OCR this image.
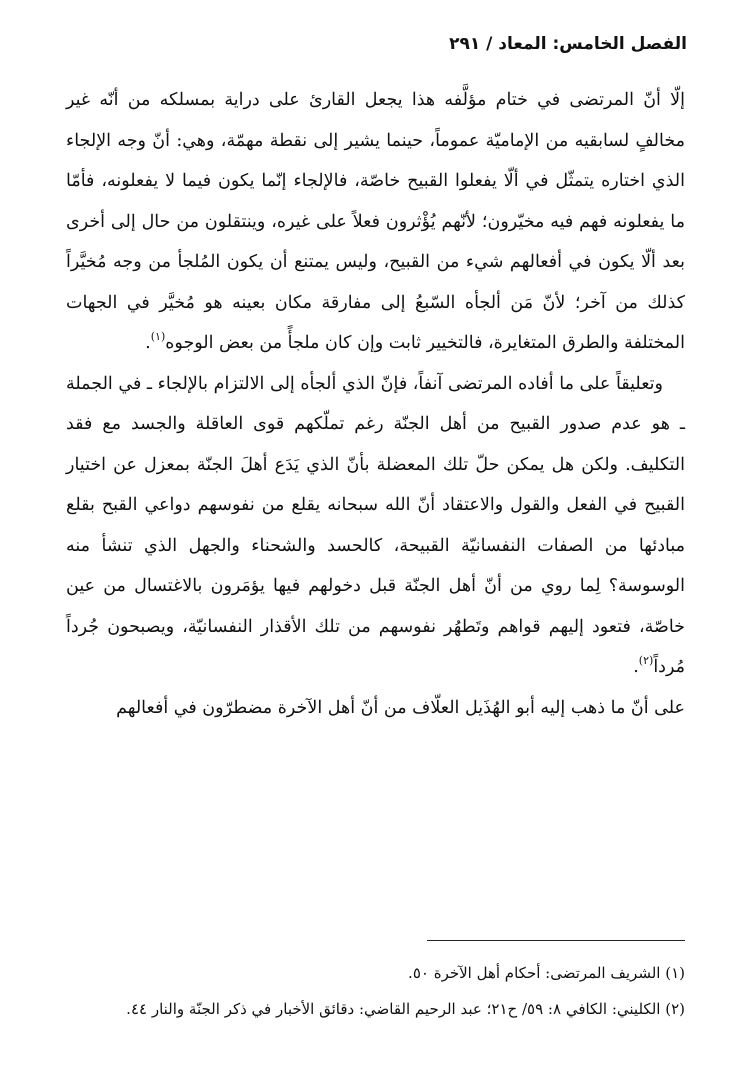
الفصل الخامس: المعاد / ٢٩١

إلّا أنّ المرتضى في ختام مؤلَّفه هذا يجعل القارئ على دراية بمسلكه من أنّه غير مخالفٍ لسابقيه من الإماميّة عموماً، حينما يشير إلى نقطة مهمّة، وهي: أنّ وجه الإلجاء الذي اختاره يتمثّل في ألّا يفعلوا القبيح خاصّة، فالإلجاء إنّما يكون فيما لا يفعلونه، فأمّا ما يفعلونه فهم فيه مخيّرون؛ لأنّهم يُؤْثرون فعلاً على غيره، وينتقلون من حال إلى أخرى بعد ألّا يكون في أفعالهم شيء من القبيح، وليس يمتنع أن يكون المُلجأ من وجه مُخيَّراً كذلك من آخر؛ لأنّ مَن ألجأه السّبعُ إلى مفارقة مكان بعينه هو مُخيَّر في الجهات المختلفة والطرق المتغايرة، فالتخيير ثابت وإن كان ملجأً من بعض الوجوه$^{(١)}$.

وتعليقاً على ما أفاده المرتضى آنفاً، فإنّ الذي ألجأه إلى الالتزام بالإلجاء ـ في الجملة ـ هو عدم صدور القبيح من أهل الجنّة رغم تملّكهم قوى العاقلة والجسد مع فقد التكليف. ولكن هل يمكن حلّ تلك المعضلة بأنّ الذي يَدَع أهلَ الجنّة بمعزل عن اختيار القبيح في الفعل والقول والاعتقاد أنّ الله سبحانه يقلع من نفوسهم دواعي القبح بقلع مبادئها من الصفات النفسانيّة القبيحة، كالحسد والشحناء والجهل الذي تنشأ منه الوسوسة؟ لِما روي من أنّ أهل الجنّة قبل دخولهم فيها يؤمَرون بالاغتسال من عين خاصّة، فتعود إليهم قواهم وتَطهُر نفوسهم من تلك الأقذار النفسانيّة، ويصبحون جُرداً مُرداً$^{(٢)}$.

على أنّ ما ذهب إليه أبو الهُذَيل العلّاف من أنّ أهل الآخرة مضطرّون في أفعالهم

(١) الشريف المرتضى: أحكام أهل الآخرة ٥٠.

(٢) الكليني: الكافي ٨: ٥٩/ ح٢١؛ عبد الرحيم القاضي: دقائق الأخبار في ذكر الجنّة والنار ٤٤.
